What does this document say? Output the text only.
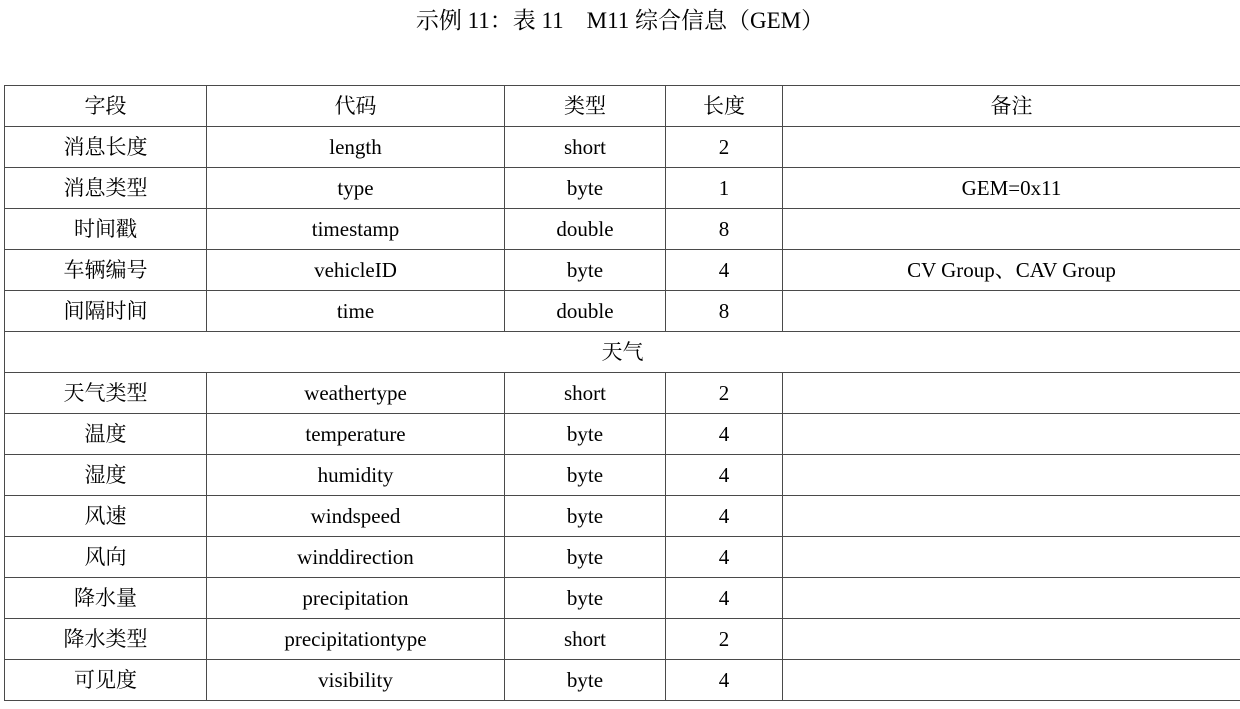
示例 11：表 11    M11 综合信息（GEM）
字段	代码	类型	长度	备注
消息长度	length	short	2	
消息类型	type	byte	1	GEM=0x11
时间戳	timestamp	double	8	
车辆编号	vehicleID	byte	4	CV Group、CAV Group
间隔时间	time	double	8	
天气				
天气类型	weathertype	short	2	
温度	temperature	byte	4	
湿度	humidity	byte	4	
风速	windspeed	byte	4	
风向	winddirection	byte	4	
降水量	precipitation	byte	4	
降水类型	precipitationtype	short	2	
可见度	visibility	byte	4	
